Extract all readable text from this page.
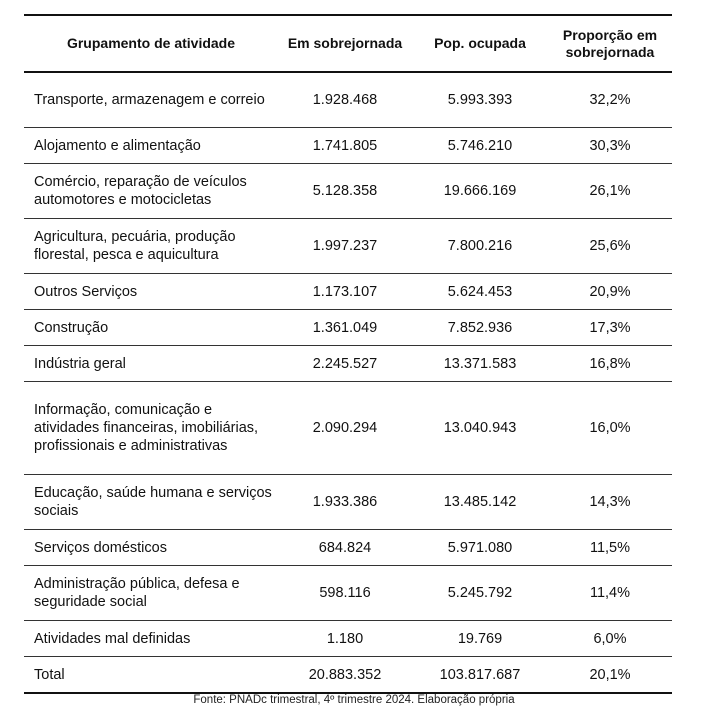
Grupamento de atividade	Em sobrejornada	Pop. ocupada	Proporção em sobrejornada
Transporte, armazenagem e correio	1.928.468	5.993.393	32,2%
Alojamento e alimentação	1.741.805	5.746.210	30,3%
Comércio, reparação de veículos automotores e motocicletas	5.128.358	19.666.169	26,1%
Agricultura, pecuária, produção florestal, pesca e aquicultura	1.997.237	7.800.216	25,6%
Outros Serviços	1.173.107	5.624.453	20,9%
Construção	1.361.049	7.852.936	17,3%
Indústria geral	2.245.527	13.371.583	16,8%
Informação, comunicação e atividades financeiras, imobiliárias, profissionais e administrativas	2.090.294	13.040.943	16,0%
Educação, saúde humana e serviços sociais	1.933.386	13.485.142	14,3%
Serviços domésticos	684.824	5.971.080	11,5%
Administração pública, defesa e seguridade social	598.116	5.245.792	11,4%
Atividades mal definidas	1.180	19.769	6,0%
Total	20.883.352	103.817.687	20,1%
Fonte: PNADc trimestral, 4º trimestre 2024. Elaboração própria
